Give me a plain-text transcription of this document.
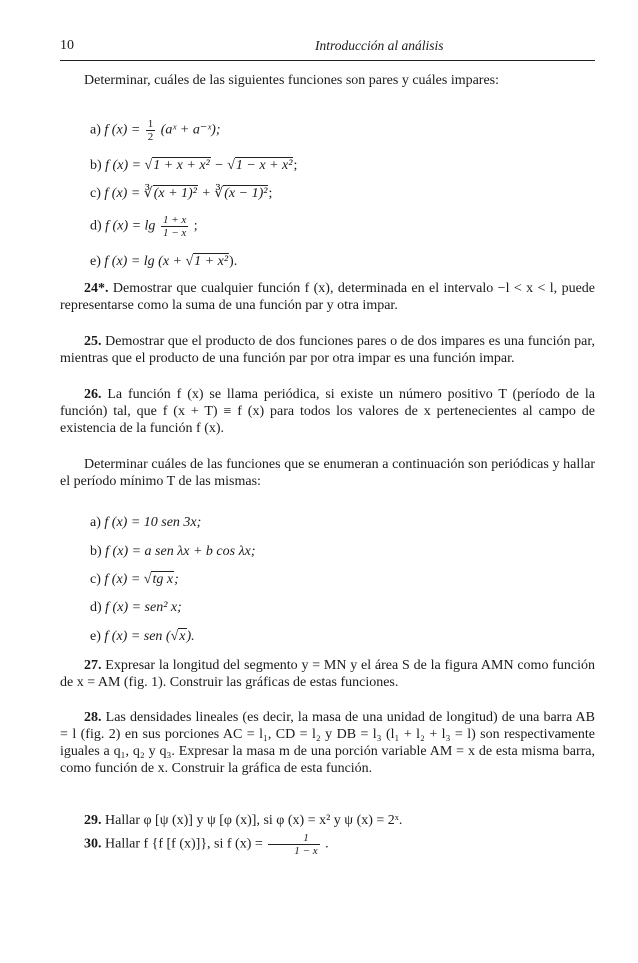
10	Introducción al análisis

Determinar, cuáles de las siguientes funciones son pares y cuáles impares:

a) f $(x) = \frac{1}{2}$ (aˣ + a⁻ˣ);
b) f (x) = √1 + x + x² − √1 − x + x²;
c) f (x) = ∛(x + 1)² + ∛(x − 1)²;
d) f $(x) = \lg \frac{1 + x}{1 - x}$ ;
e) f (x) = lg (x + √1 + x²).

24*. Demostrar que cualquier función f (x), determinada en el intervalo −l < x < l, puede representarse como la suma de una función par y otra impar.

25. Demostrar que el producto de dos funciones pares o de dos impares es una función par, mientras que el producto de una función par por otra impar es una función impar.

26. La función f (x) se llama periódica, si existe un número positivo T (período de la función) tal, que f (x + T) ≡ f (x) para todos los valores de x pertenecientes al campo de existencia de la función f (x).

Determinar cuáles de las funciones que se enumeran a continuación son periódicas y hallar el período mínimo T de las mismas:

a) f (x) = 10 sen 3x;
b) f (x) = a sen λx + b cos λx;
c) f (x) = √tg x;
d) f (x) = sen² x;
e) f (x) = sen (√x).

27. Expresar la longitud del segmento y = MN y el área S de la figura AMN como función de x = AM (fig. 1). Construir las gráficas de estas funciones.

28. Las densidades lineales (es decir, la masa de una unidad de longitud) de una barra AB = l (fig. 2) en sus porciones AC = l₁, CD = l₂ y DB = l₃ (l₁ + l₂ + l₃ = l) son respectivamente iguales a q₁, q₂ y q₃. Expresar la masa m de una porción variable AM = x de esta misma barra, como función de x. Construir la gráfica de esta función.

29. Hallar φ [ψ (x)] y ψ [φ (x)], si φ (x) = x² y ψ (x) = 2ˣ.

30. Hallar f {f [f (x)]}, si f $(x) = \frac{1}{1 - x}$ .
